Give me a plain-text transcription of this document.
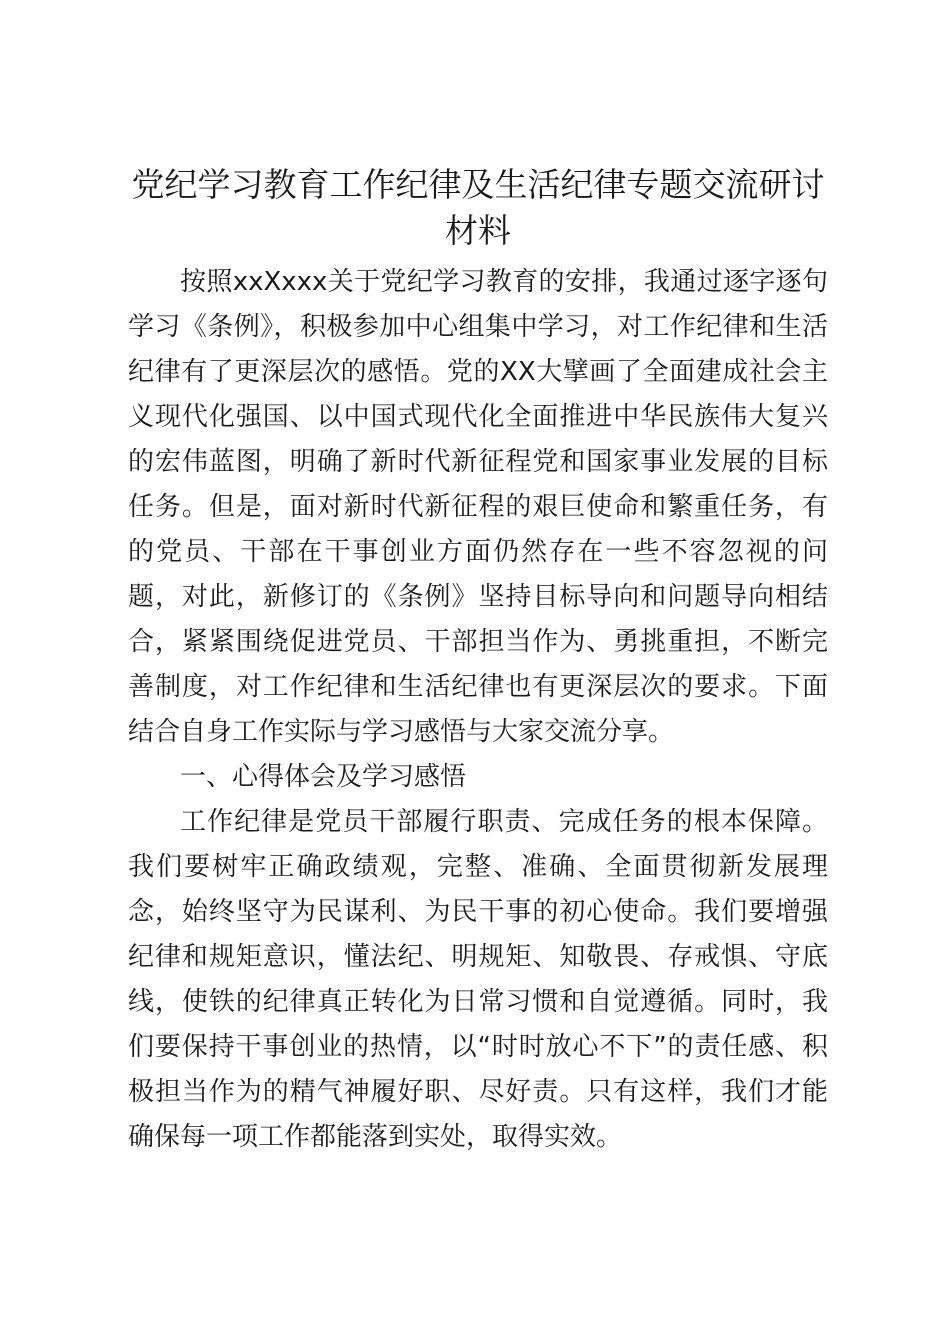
党纪学习教育工作纪律及生活纪律专题交流研讨材料

按照xxXxxx关于党纪学习教育的安排，我通过逐字逐句学习《条例》，积极参加中心组集中学习，对工作纪律和生活纪律有了更深层次的感悟。党的XX大擘画了全面建成社会主义现代化强国、以中国式现代化全面推进中华民族伟大复兴的宏伟蓝图，明确了新时代新征程党和国家事业发展的目标任务。但是，面对新时代新征程的艰巨使命和繁重任务，有的党员、干部在干事创业方面仍然存在一些不容忽视的问题，对此，新修订的《条例》坚持目标导向和问题导向相结合，紧紧围绕促进党员、干部担当作为、勇挑重担，不断完善制度，对工作纪律和生活纪律也有更深层次的要求。下面结合自身工作实际与学习感悟与大家交流分享。

一、心得体会及学习感悟

工作纪律是党员干部履行职责、完成任务的根本保障。我们要树牢正确政绩观，完整、准确、全面贯彻新发展理念，始终坚守为民谋利、为民干事的初心使命。我们要增强纪律和规矩意识，懂法纪、明规矩、知敬畏、存戒惧、守底线，使铁的纪律真正转化为日常习惯和自觉遵循。同时，我们要保持干事创业的热情，以“时时放心不下”的责任感、积极担当作为的精气神履好职、尽好责。只有这样，我们才能确保每一项工作都能落到实处，取得实效。
